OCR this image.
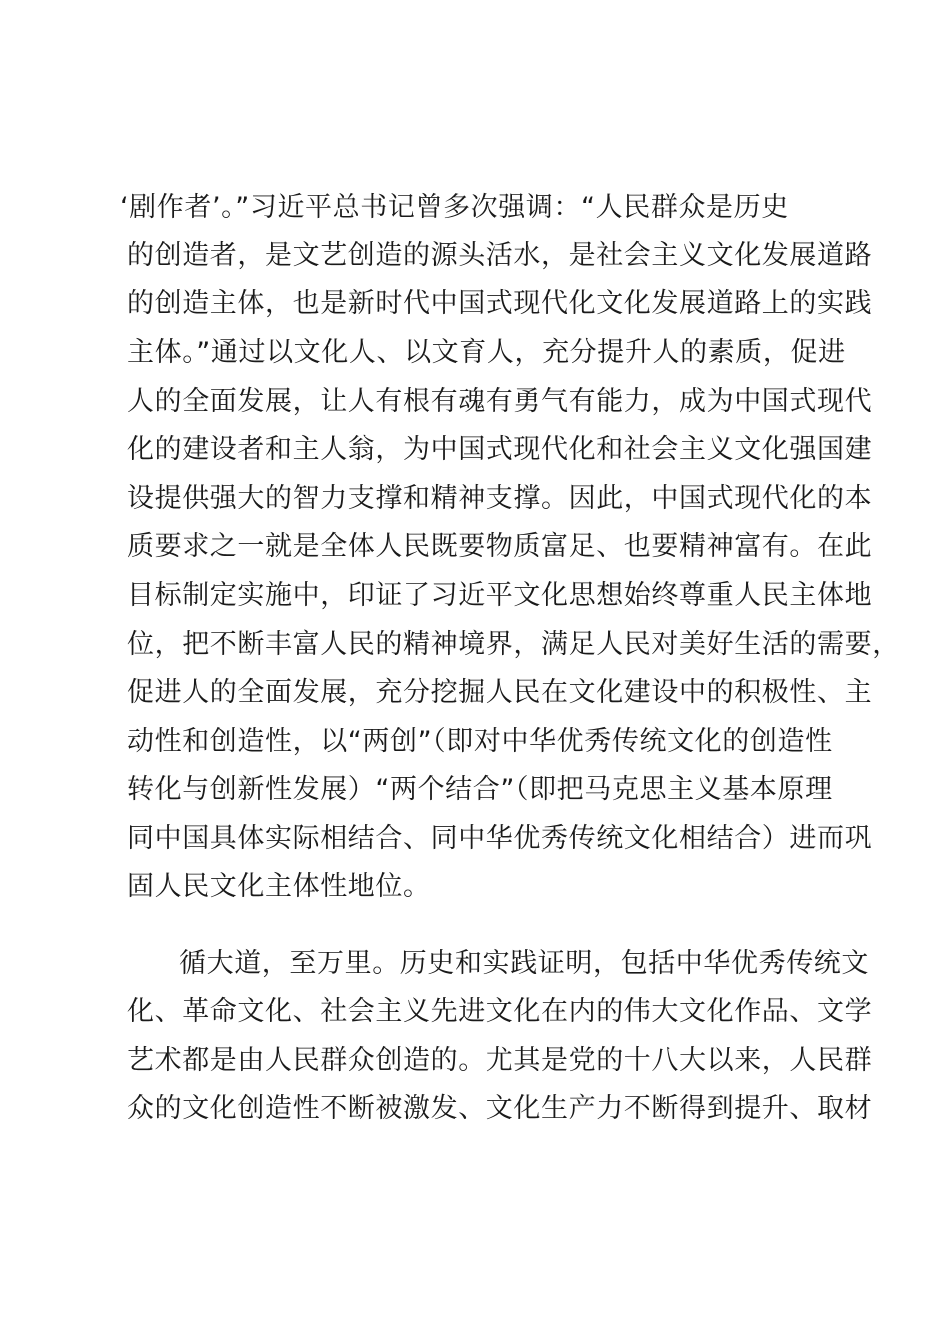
‘剧作者’。”习近平总书记曾多次强调：“人民群众是历史
的创造者，是文艺创造的源头活水，是社会主义文化发展道路
的创造主体，也是新时代中国式现代化文化发展道路上的实践
主体。”通过以文化人、以文育人，充分提升人的素质，促进
人的全面发展，让人有根有魂有勇气有能力，成为中国式现代
化的建设者和主人翁，为中国式现代化和社会主义文化强国建
设提供强大的智力支撑和精神支撑。因此，中国式现代化的本
质要求之一就是全体人民既要物质富足、也要精神富有。在此
目标制定实施中，印证了习近平文化思想始终尊重人民主体地
位，把不断丰富人民的精神境界，满足人民对美好生活的需要，
促进人的全面发展，充分挖掘人民在文化建设中的积极性、主
动性和创造性，以“两创”（即对中华优秀传统文化的创造性
转化与创新性发展）“两个结合”（即把马克思主义基本原理
同中国具体实际相结合、同中华优秀传统文化相结合）进而巩
固人民文化主体性地位。
循大道，至万里。历史和实践证明，包括中华优秀传统文
化、革命文化、社会主义先进文化在内的伟大文化作品、文学
艺术都是由人民群众创造的。尤其是党的十八大以来，人民群
众的文化创造性不断被激发、文化生产力不断得到提升、取材
